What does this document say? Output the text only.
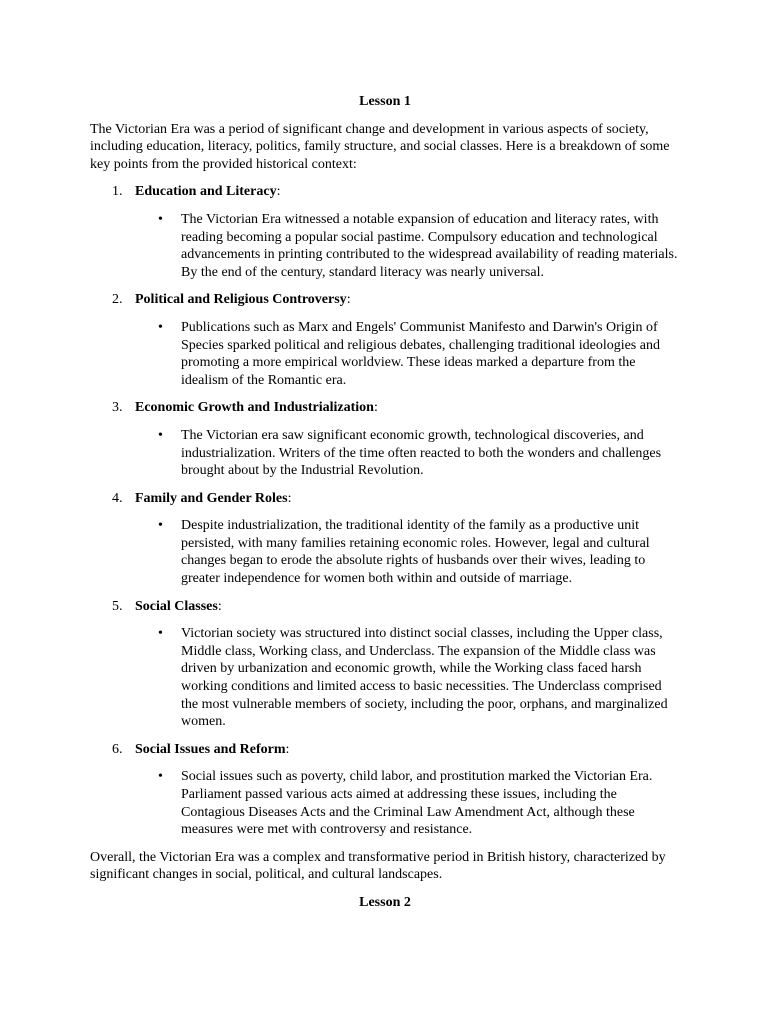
Lesson 1

The Victorian Era was a period of significant change and development in various aspects of society, including education, literacy, politics, family structure, and social classes. Here is a breakdown of some key points from the provided historical context:

1. Education and Literacy:
• The Victorian Era witnessed a notable expansion of education and literacy rates, with reading becoming a popular social pastime. Compulsory education and technological advancements in printing contributed to the widespread availability of reading materials. By the end of the century, standard literacy was nearly universal.
2. Political and Religious Controversy:
• Publications such as Marx and Engels' Communist Manifesto and Darwin's Origin of Species sparked political and religious debates, challenging traditional ideologies and promoting a more empirical worldview. These ideas marked a departure from the idealism of the Romantic era.
3. Economic Growth and Industrialization:
• The Victorian era saw significant economic growth, technological discoveries, and industrialization. Writers of the time often reacted to both the wonders and challenges brought about by the Industrial Revolution.
4. Family and Gender Roles:
• Despite industrialization, the traditional identity of the family as a productive unit persisted, with many families retaining economic roles. However, legal and cultural changes began to erode the absolute rights of husbands over their wives, leading to greater independence for women both within and outside of marriage.
5. Social Classes:
• Victorian society was structured into distinct social classes, including the Upper class, Middle class, Working class, and Underclass. The expansion of the Middle class was driven by urbanization and economic growth, while the Working class faced harsh working conditions and limited access to basic necessities. The Underclass comprised the most vulnerable members of society, including the poor, orphans, and marginalized women.
6. Social Issues and Reform:
• Social issues such as poverty, child labor, and prostitution marked the Victorian Era. Parliament passed various acts aimed at addressing these issues, including the Contagious Diseases Acts and the Criminal Law Amendment Act, although these measures were met with controversy and resistance.

Overall, the Victorian Era was a complex and transformative period in British history, characterized by significant changes in social, political, and cultural landscapes.

Lesson 2
